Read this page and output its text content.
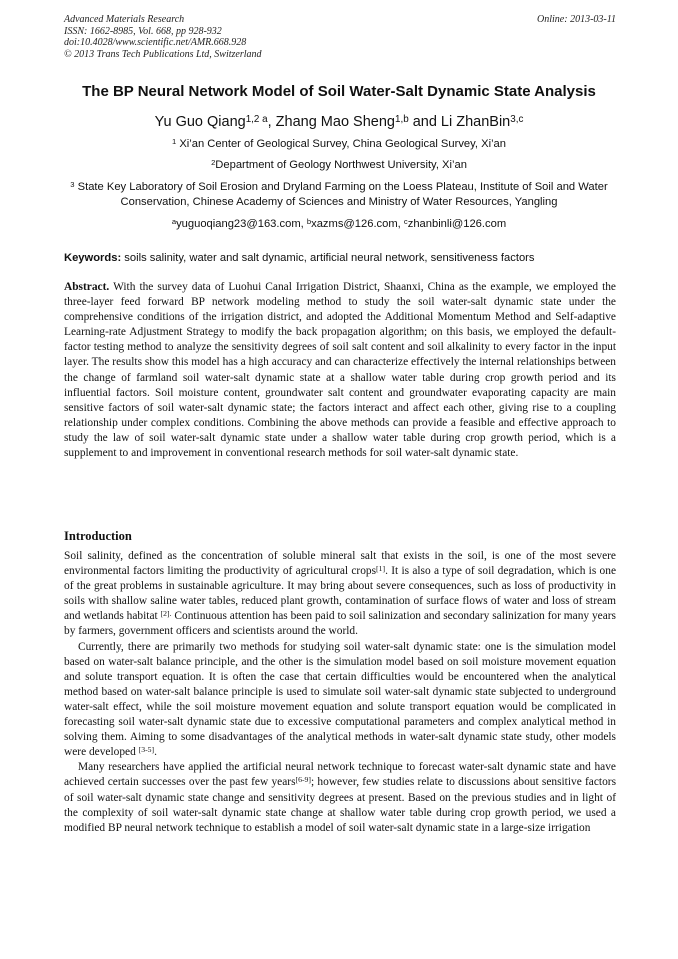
Advanced Materials Research
ISSN: 1662-8985, Vol. 668, pp 928-932
doi:10.4028/www.scientific.net/AMR.668.928
© 2013 Trans Tech Publications Ltd, Switzerland
Online: 2013-03-11
The BP Neural Network Model of Soil Water-Salt Dynamic State Analysis
Yu Guo Qiang$^{1,2 a}$, Zhang Mao Sheng$^{1,b}$ and Li ZhanBin$^{3,c}$
$^1$ Xi’an Center of Geological Survey, China Geological Survey, Xi’an
$^2$Department of Geology Northwest University, Xi’an
$^3$ State Key Laboratory of Soil Erosion and Dryland Farming on the Loess Plateau, Institute of Soil and Water Conservation, Chinese Academy of Sciences and Ministry of Water Resources, Yangling
$^a$yuguoqiang23@163.com, $^b$xazms@126.com, $^c$zhanbinli@126.com
Keywords: soils salinity, water and salt dynamic, artificial neural network, sensitiveness factors
Abstract. With the survey data of Luohui Canal Irrigation District, Shaanxi, China as the example, we employed the three-layer feed forward BP network modeling method to study the soil water-salt dynamic state under the comprehensive conditions of the irrigation district, and adopted the Additional Momentum Method and Self-adaptive Learning-rate Adjustment Strategy to modify the back propagation algorithm; on this basis, we employed the default-factor testing method to analyze the sensitivity degrees of soil salt content and soil alkalinity to every factor in the input layer. The results show this model has a high accuracy and can characterize effectively the internal relationships between the change of farmland soil water-salt dynamic state at a shallow water table during crop growth period and its influential factors. Soil moisture content, groundwater salt content and groundwater evaporating capacity are main sensitive factors of soil water-salt dynamic state; the factors interact and affect each other, giving rise to a coupling relationship under complex conditions. Combining the above methods can provide a feasible and effective approach to study the law of soil water-salt dynamic state under a shallow water table during crop growth period, which is a supplement to and improvement in conventional research methods for soil water-salt dynamic state.
Introduction

Soil salinity, defined as the concentration of soluble mineral salt that exists in the soil, is one of the most severe environmental factors limiting the productivity of agricultural crops[1]. It is also a type of soil degradation, which is one of the great problems in sustainable agriculture. It may bring about severe consequences, such as loss of productivity in soils with shallow saline water tables, reduced plant growth, contamination of surface flows of water and loss of stream and wetlands habitat $^{[2].}$ Continuous attention has been paid to soil salinization and secondary salinization for many years by farmers, government officers and scientists around the world.

Currently, there are primarily two methods for studying soil water-salt dynamic state: one is the simulation model based on water-salt balance principle, and the other is the simulation model based on soil moisture movement equation and solute transport equation. It is often the case that certain difficulties would be encountered when the analytical method based on water-salt balance principle is used to simulate soil water-salt dynamic state subjected to underground water-salt effect, while the soil moisture movement equation and solute transport equation would be complicated in forecasting soil water-salt dynamic state due to excessive computational parameters and complex analytical method in solving them. Aiming to some disadvantages of the analytical methods in water-salt dynamic state study, other models were developed [3-5].

Many researchers have applied the artificial neural network technique to forecast water-salt dynamic state and have achieved certain successes over the past few years[6-9]; however, few studies relate to discussions about sensitive factors of soil water-salt dynamic state change and sensitivity degrees at present. Based on the previous studies and in light of the complexity of soil water-salt dynamic state change at shallow water table during crop growth period, we used a modified BP neural network technique to establish a model of soil water-salt dynamic state in a large-size irrigation
